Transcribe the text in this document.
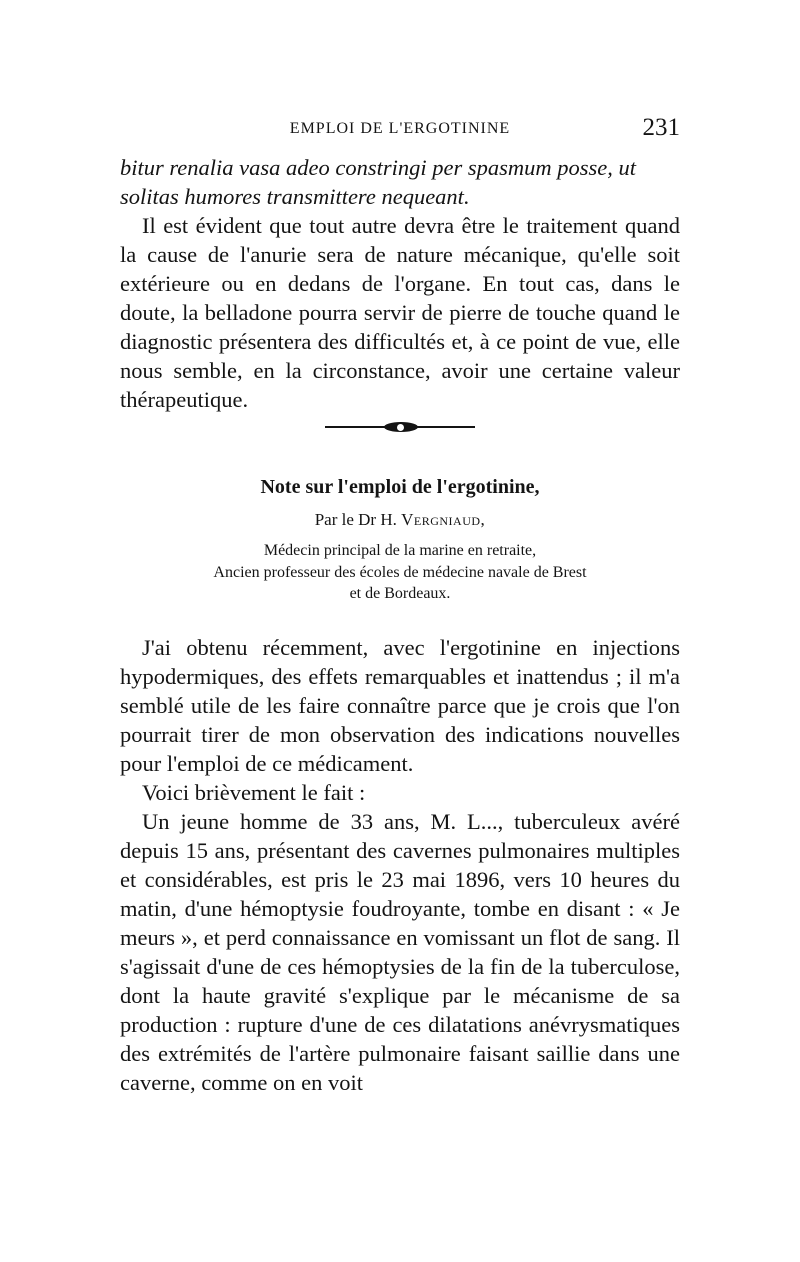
EMPLOI DE L'ERGOTININE	231

bitur renalia vasa adeo constringi per spasmum posse, ut

solitas humores transmittere nequeant.

Il est évident que tout autre devra être le traitement quand la cause de l'anurie sera de nature mécanique, qu'elle soit extérieure ou en dedans de l'organe. En tout cas, dans le doute, la belladone pourra servir de pierre de touche quand le diagnostic présentera des difficultés et, à ce point de vue, elle nous semble, en la circonstance, avoir une certaine valeur thérapeutique.

Note sur l'emploi de l'ergotinine,

Par le Dr H. Vergniaud,

Médecin principal de la marine en retraite,

Ancien professeur des écoles de médecine navale de Brest

et de Bordeaux.

J'ai obtenu récemment, avec l'ergotinine en injections hypodermiques, des effets remarquables et inattendus ; il m'a semblé utile de les faire connaître parce que je crois que l'on pourrait tirer de mon observation des indications nouvelles pour l'emploi de ce médicament.

Voici brièvement le fait :

Un jeune homme de 33 ans, M. L..., tuberculeux avéré depuis 15 ans, présentant des cavernes pulmonaires multiples et considérables, est pris le 23 mai 1896, vers 10 heures du matin, d'une hémoptysie foudroyante, tombe en disant : « Je meurs », et perd connaissance en vomissant un flot de sang. Il s'agissait d'une de ces hémoptysies de la fin de la tuberculose, dont la haute gravité s'explique par le mécanisme de sa production : rupture d'une de ces dilatations anévrysmatiques des extrémités de l'artère pulmonaire faisant saillie dans une caverne, comme on en voit
